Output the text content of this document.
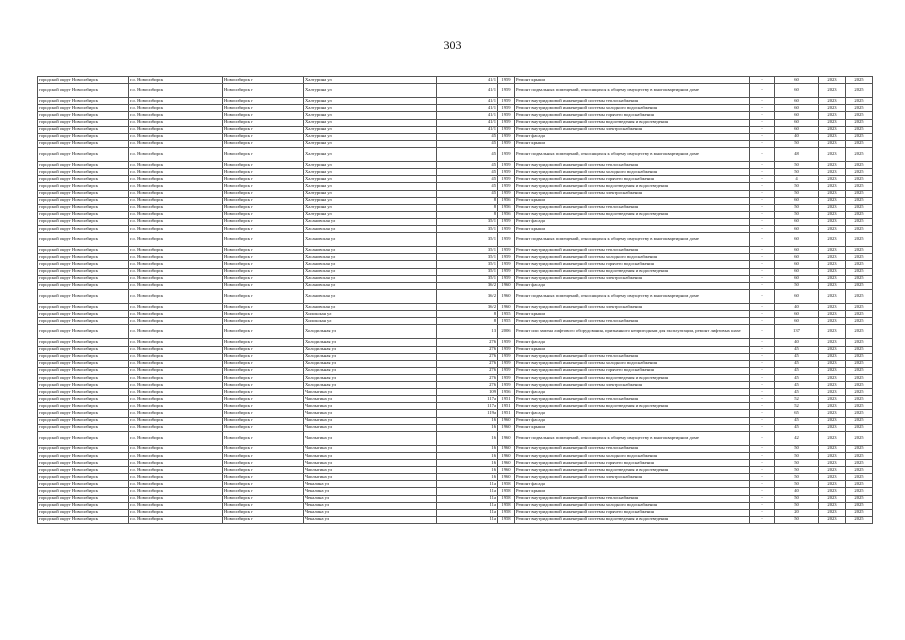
303
городской округ Новосибирск	г.о. Новосибирск	Новосибирск г	Халтурина ул	41/1	1959	Ремонт крыши	-	60	2023	2025
городской округ Новосибирск	г.о. Новосибирск	Новосибирск г	Халтурина ул	41/1	1959	Ремонт подвальных помещений, относящихся к общему имуществу в многоквартирном доме	-	60	2023	2025
городской округ Новосибирск	г.о. Новосибирск	Новосибирск г	Халтурина ул	41/1	1959	Ремонт внутридомовой инженерной системы теплоснабжения	-	60	2023	2025
городской округ Новосибирск	г.о. Новосибирск	Новосибирск г	Халтурина ул	41/1	1959	Ремонт внутридомовой инженерной системы холодного водоснабжения	-	60	2023	2025
городской округ Новосибирск	г.о. Новосибирск	Новосибирск г	Халтурина ул	41/1	1959	Ремонт внутридомовой инженерной системы горячего водоснабжения	-	60	2023	2025
городской округ Новосибирск	г.о. Новосибирск	Новосибирск г	Халтурина ул	41/1	1959	Ремонт внутридомовой инженерной системы водоотведения и водоотведения	-	60	2023	2025
городской округ Новосибирск	г.о. Новосибирск	Новосибирск г	Халтурина ул	41/1	1959	Ремонт внутридомовой инженерной системы электроснабжения	-	60	2023	2025
городской округ Новосибирск	г.о. Новосибирск	Новосибирск г	Халтурина ул	45	1959	Ремонт фасада	-	40	2023	2025
городской округ Новосибирск	г.о. Новосибирск	Новосибирск г	Халтурина ул	45	1959	Ремонт крыши	-	50	2023	2025
городской округ Новосибирск	г.о. Новосибирск	Новосибирск г	Халтурина ул	45	1959	Ремонт подвальных помещений, относящихся к общему имуществу в многоквартирном доме	-	48	2023	2025
городской округ Новосибирск	г.о. Новосибирск	Новосибирск г	Халтурина ул	45	1959	Ремонт внутридомовой инженерной системы теплоснабжения	-	50	2023	2025
городской округ Новосибирск	г.о. Новосибирск	Новосибирск г	Халтурина ул	45	1959	Ремонт внутридомовой инженерной системы холодного водоснабжения	-	50	2023	2025
городской округ Новосибирск	г.о. Новосибирск	Новосибирск г	Халтурина ул	45	1959	Ремонт внутридомовой инженерной системы горячего водоснабжения	-	4	2023	2025
городской округ Новосибирск	г.о. Новосибирск	Новосибирск г	Халтурина ул	45	1959	Ремонт внутридомовой инженерной системы водоотведения и водоотведения	-	50	2023	2025
городской округ Новосибирск	г.о. Новосибирск	Новосибирск г	Халтурина ул	45	1959	Ремонт внутридомовой инженерной системы электроснабжения	-	50	2023	2025
городской округ Новосибирск	г.о. Новосибирск	Новосибирск г	Халтурина ул	8	1956	Ремонт крыши	-	60	2023	2025
городской округ Новосибирск	г.о. Новосибирск	Новосибирск г	Халтурина ул	8	1956	Ремонт внутридомовой инженерной системы теплоснабжения	-	50	2023	2025
городской округ Новосибирск	г.о. Новосибирск	Новосибирск г	Халтурина ул	8	1956	Ремонт внутридомовой инженерной системы водоотведения и водоотведения	-	50	2023	2025
городской округ Новосибирск	г.о. Новосибирск	Новосибирск г	Хасановская ул	35/1	1959	Ремонт фасада	-	60	2023	2025
городской округ Новосибирск	г.о. Новосибирск	Новосибирск г	Хасановская ул	35/1	1959	Ремонт крыши	-	60	2023	2025
городской округ Новосибирск	г.о. Новосибирск	Новосибирск г	Хасановская ул	35/1	1959	Ремонт подвальных помещений, относящихся к общему имуществу в многоквартирном доме	-	60	2023	2025
городской округ Новосибирск	г.о. Новосибирск	Новосибирск г	Хасановская ул	35/1	1959	Ремонт внутридомовой инженерной системы теплоснабжения	-	60	2023	2025
городской округ Новосибирск	г.о. Новосибирск	Новосибирск г	Хасановская ул	35/1	1959	Ремонт внутридомовой инженерной системы холодного водоснабжения	-	60	2023	2025
городской округ Новосибирск	г.о. Новосибирск	Новосибирск г	Хасановская ул	35/1	1959	Ремонт внутридомовой инженерной системы горячего водоснабжения	-	60	2023	2025
городской округ Новосибирск	г.о. Новосибирск	Новосибирск г	Хасановская ул	35/1	1959	Ремонт внутридомовой инженерной системы водоотведения и водоотведения	-	60	2023	2025
городской округ Новосибирск	г.о. Новосибирск	Новосибирск г	Хасановская ул	35/1	1959	Ремонт внутридомовой инженерной системы электроснабжения	-	60	2023	2025
городской округ Новосибирск	г.о. Новосибирск	Новосибирск г	Хасановская ул	36/2	1960	Ремонт фасада	-	50	2023	2025
городской округ Новосибирск	г.о. Новосибирск	Новосибирск г	Хасановская ул	36/2	1960	Ремонт подвальных помещений, относящихся к общему имуществу в многоквартирном доме	-	60	2023	2025
городской округ Новосибирск	г.о. Новосибирск	Новосибирск г	Хасановская ул	36/2	1960	Ремонт внутридомовой инженерной системы электроснабжения	-	40	2023	2025
городской округ Новосибирск	г.о. Новосибирск	Новосибирск г	Хилокская ул	8	1955	Ремонт крыши	-	60	2023	2025
городской округ Новосибирск	г.о. Новосибирск	Новосибирск г	Хилокская ул	8	1955	Ремонт внутридомовой инженерной системы теплоснабжения	-	60	2023	2025
городской округ Новосибирск	г.о. Новосибирск	Новосибирск г	Холодильная ул	13	2006	Ремонт или замена лифтового оборудования, признанного непригодным для эксплуатации, ремонт лифтовых шахт	-	137	2023	2025
городской округ Новосибирск	г.о. Новосибирск	Новосибирск г	Холодильная ул	276	1959	Ремонт фасада	-	40	2023	2025
городской округ Новосибирск	г.о. Новосибирск	Новосибирск г	Холодильная ул	276	1959	Ремонт крыши	-	45	2023	2025
городской округ Новосибирск	г.о. Новосибирск	Новосибирск г	Холодильная ул	276	1959	Ремонт внутридомовой инженерной системы теплоснабжения	-	45	2023	2025
городской округ Новосибирск	г.о. Новосибирск	Новосибирск г	Холодильная ул	276	1959	Ремонт внутридомовой инженерной системы холодного водоснабжения	-	45	2023	2025
городской округ Новосибирск	г.о. Новосибирск	Новосибирск г	Холодильная ул	276	1959	Ремонт внутридомовой инженерной системы горячего водоснабжения	-	45	2023	2025
городской округ Новосибирск	г.о. Новосибирск	Новосибирск г	Холодильная ул	276	1959	Ремонт внутридомовой инженерной системы водоотведения и водоотведения	-	45	2023	2025
городской округ Новосибирск	г.о. Новосибирск	Новосибирск г	Холодильная ул	276	1959	Ремонт внутридомовой инженерной системы электроснабжения	-	45	2023	2025
городской округ Новосибирск	г.о. Новосибирск	Новосибирск г	Чаплыгина ул	109	1956	Ремонт фасада	-	45	2023	2025
городской округ Новосибирск	г.о. Новосибирск	Новосибирск г	Чаплыгина ул	117а	1951	Ремонт внутридомовой инженерной системы теплоснабжения	-	52	2023	2025
городской округ Новосибирск	г.о. Новосибирск	Новосибирск г	Чаплыгина ул	117а	1951	Ремонт внутридомовой инженерной системы водоотведения и водоотведения	-	52	2023	2025
городской округ Новосибирск	г.о. Новосибирск	Новосибирск г	Чаплыгина ул	119а	1951	Ремонт фасада	-	65	2023	2025
городской округ Новосибирск	г.о. Новосибирск	Новосибирск г	Чаплыгина ул	16	1960	Ремонт фасада	-	45	2023	2025
городской округ Новосибирск	г.о. Новосибирск	Новосибирск г	Чаплыгина ул	16	1960	Ремонт крыши	-	45	2023	2025
городской округ Новосибирск	г.о. Новосибирск	Новосибирск г	Чаплыгина ул	16	1960	Ремонт подвальных помещений, относящихся к общему имуществу в многоквартирном доме	-	42	2023	2025
городской округ Новосибирск	г.о. Новосибирск	Новосибирск г	Чаплыгина ул	16	1960	Ремонт внутридомовой инженерной системы теплоснабжения	-	50	2023	2025
городской округ Новосибирск	г.о. Новосибирск	Новосибирск г	Чаплыгина ул	16	1960	Ремонт внутридомовой инженерной системы холодного водоснабжения	-	50	2023	2025
городской округ Новосибирск	г.о. Новосибирск	Новосибирск г	Чаплыгина ул	16	1960	Ремонт внутридомовой инженерной системы горячего водоснабжения	-	50	2023	2025
городской округ Новосибирск	г.о. Новосибирск	Новосибирск г	Чаплыгина ул	16	1960	Ремонт внутридомовой инженерной системы водоотведения и водоотведения	-	50	2023	2025
городской округ Новосибирск	г.о. Новосибирск	Новосибирск г	Чаплыгина ул	16	1960	Ремонт внутридомовой инженерной системы электроснабжения	-	50	2023	2025
городской округ Новосибирск	г.о. Новосибирск	Новосибирск г	Чекалина ул	11а	1958	Ремонт фасада	-	50	2023	2025
городской округ Новосибирск	г.о. Новосибирск	Новосибирск г	Чекалина ул	11а	1958	Ремонт крыши	-	40	2023	2025
городской округ Новосибирск	г.о. Новосибирск	Новосибирск г	Чекалина ул	11а	1958	Ремонт внутридомовой инженерной системы теплоснабжения	-	50	2023	2025
городской округ Новосибирск	г.о. Новосибирск	Новосибирск г	Чекалина ул	11а	1958	Ремонт внутридомовой инженерной системы холодного водоснабжения	-	50	2023	2025
городской округ Новосибирск	г.о. Новосибирск	Новосибирск г	Чекалина ул	11а	1958	Ремонт внутридомовой инженерной системы горячего водоснабжения	-	20	2023	2025
городской округ Новосибирск	г.о. Новосибирск	Новосибирск г	Чекалина ул	11а	1958	Ремонт внутридомовой инженерной системы водоотведения и водоотведения	-	50	2023	2025
